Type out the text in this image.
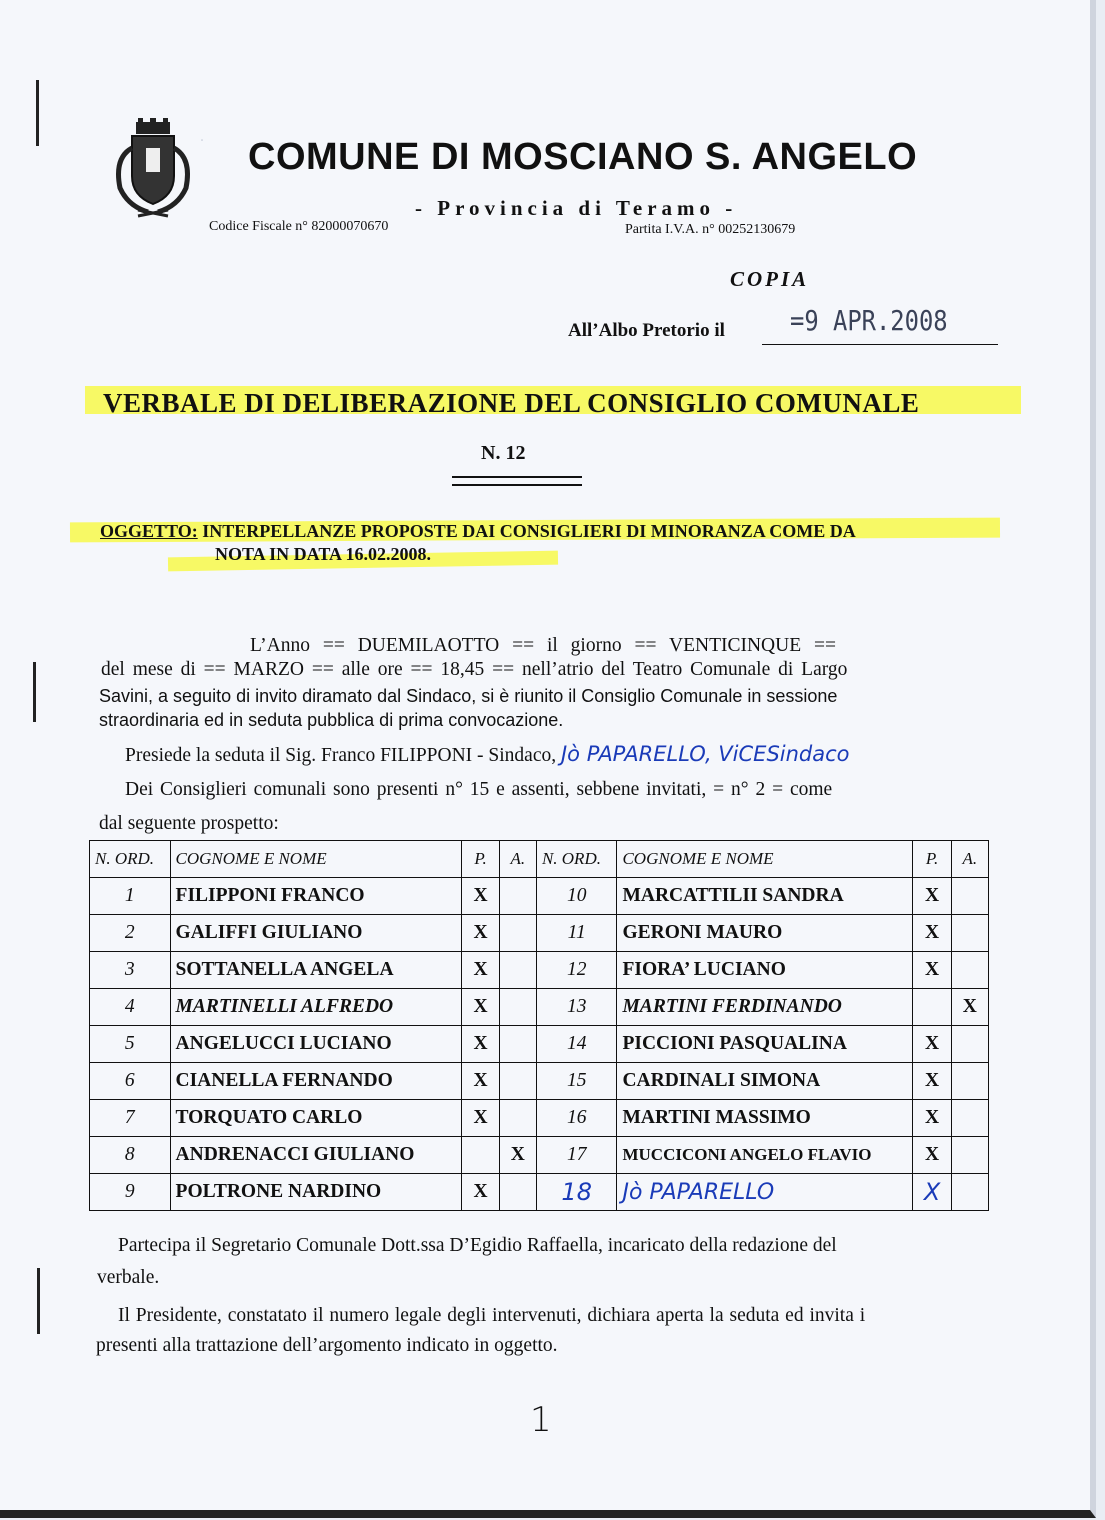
. COMUNE DI MOSCIANO S. ANGELO
- Provincia di Teramo -
Codice Fiscale n° 82000070670	Partita I.V.A. n° 00252130679
COPIA
All’Albo Pretorio il =9 APR.2008
VERBALE DI DELIBERAZIONE DEL CONSIGLIO COMUNALE
N. 12
OGGETTO: INTERPELLANZE PROPOSTE DAI CONSIGLIERI DI MINORANZA COME DA
NOTA IN DATA 16.02.2008.
L’Anno == DUEMILAOTTO == il giorno == VENTICINQUE ==
del mese di == MARZO == alle ore == 18,45 == nell’atrio del Teatro Comunale di Largo
Savini, a seguito di invito diramato dal Sindaco, si è riunito il Consiglio Comunale in sessione
straordinaria ed in seduta pubblica di prima convocazione.
Presiede la seduta il Sig. Franco FILIPPONI - Sindaco, Jò PAPARELLO, ViCESindaco
Dei Consiglieri comunali sono presenti n° 15 e assenti, sebbene invitati, = n° 2 = come
dal seguente prospetto:
N. ORD.	COGNOME E NOME	P.	A.	N. ORD.	COGNOME E NOME	P.	A.
1	FILIPPONI FRANCO	X		10	MARCATTILII SANDRA	X	
2	GALIFFI GIULIANO	X		11	GERONI MAURO	X	
3	SOTTANELLA ANGELA	X		12	FIORA’ LUCIANO	X	
4	MARTINELLI ALFREDO	X		13	MARTINI FERDINANDO		X
5	ANGELUCCI LUCIANO	X		14	PICCIONI PASQUALINA	X	
6	CIANELLA FERNANDO	X		15	CARDINALI SIMONA	X	
7	TORQUATO CARLO	X		16	MARTINI MASSIMO	X	
8	ANDRENACCI GIULIANO		X	17	MUCCICONI ANGELO FLAVIO	X	
9	POLTRONE NARDINO	X		18	Jò PAPARELLO	X	
Partecipa il Segretario Comunale Dott.ssa D’Egidio Raffaella, incaricato della redazione del
verbale.
Il Presidente, constatato il numero legale degli intervenuti, dichiara aperta la seduta ed invita i
presenti alla trattazione dell’argomento indicato in oggetto.
1
